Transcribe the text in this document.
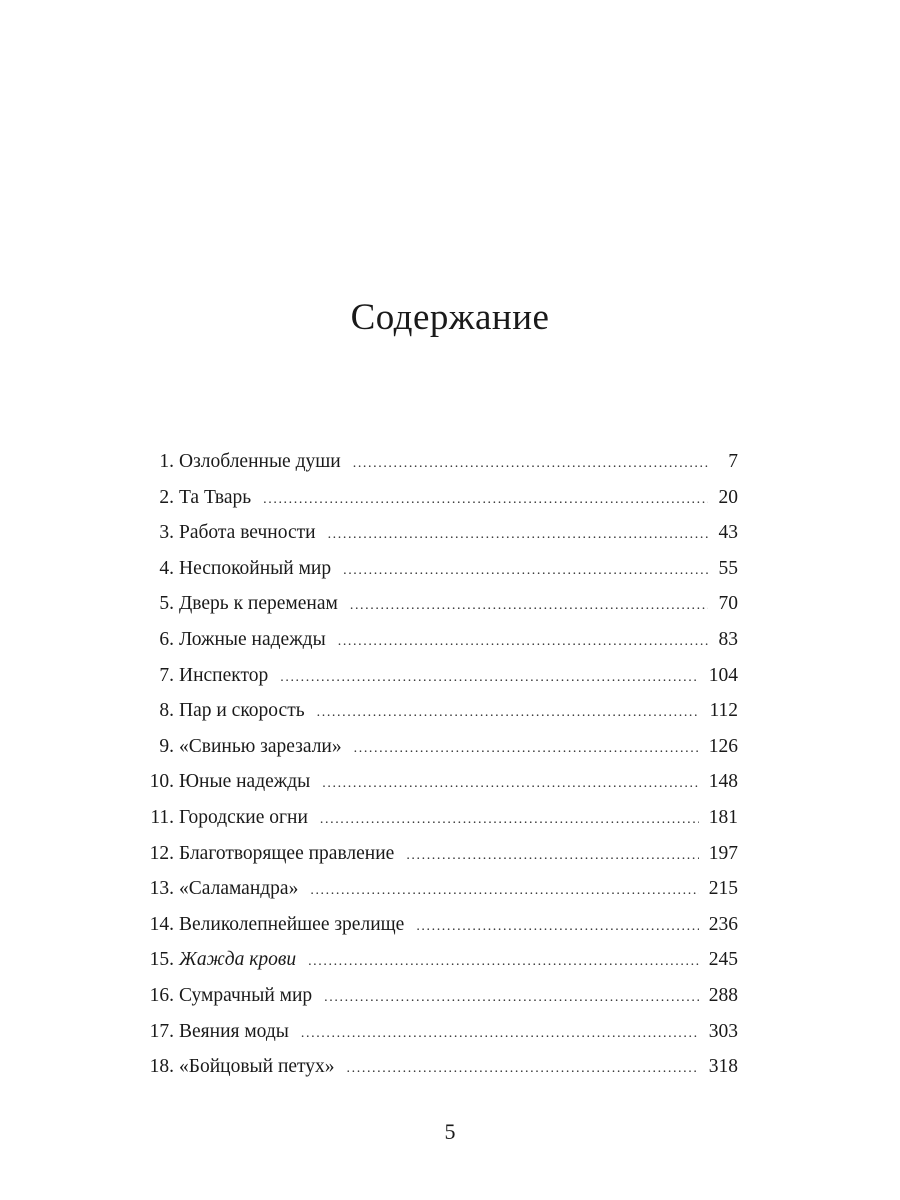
Содержание
1. Озлобленные души .....	7
2. Та Тварь .....	20
3. Работа вечности .....	43
4. Неспокойный мир .....	55
5. Дверь к переменам .....	70
6. Ложные надежды .....	83
7. Инспектор .....	104
8. Пар и скорость .....	112
9. «Свинью зарезали» .....	126
10. Юные надежды .....	148
11. Городские огни .....	181
12. Благотворящее правление .....	197
13. «Саламандра» .....	215
14. Великолепнейшее зрелище .....	236
15. Жажда крови .....	245
16. Сумрачный мир .....	288
17. Веяния моды .....	303
18. «Бойцовый петух» .....	318
5
